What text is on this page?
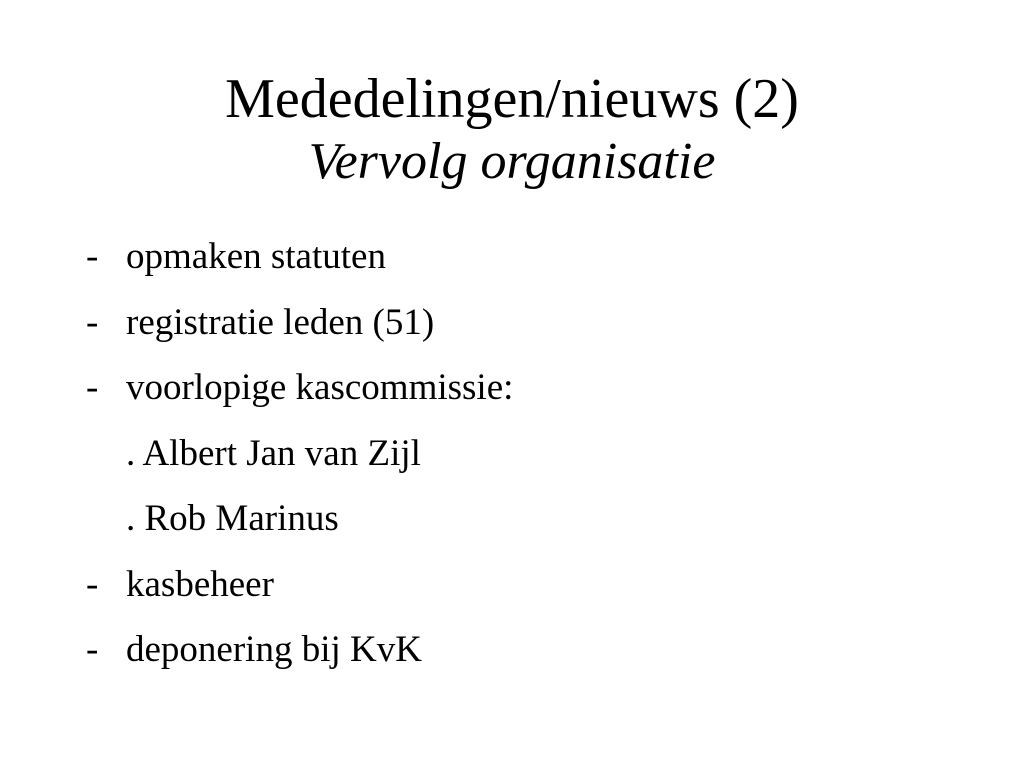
Mededelingen/nieuws (2)
Vervolg organisatie
- opmaken statuten
- registratie leden (51)
- voorlopige kascommissie:
. Albert Jan van Zijl
. Rob Marinus
- kasbeheer
- deponering bij KvK
